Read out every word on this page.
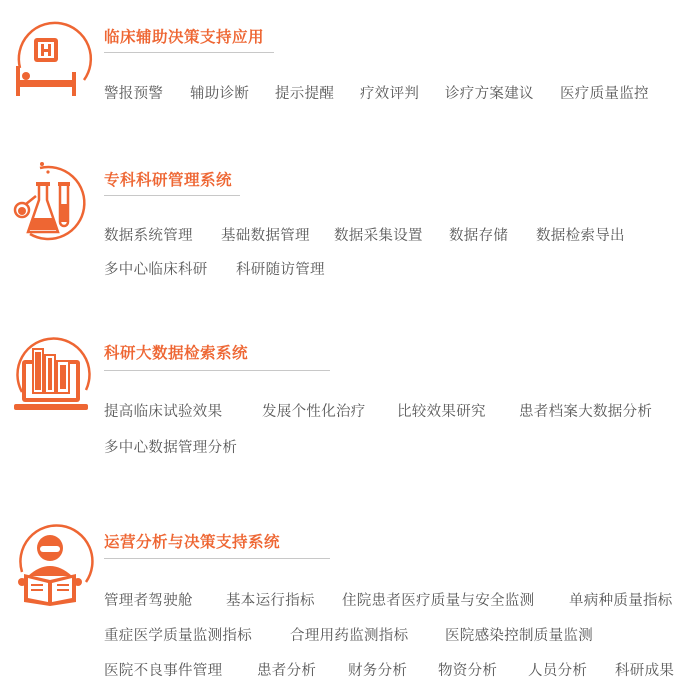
临床辅助决策支持应用
警报预警 辅助诊断 提示提醒 疗效评判 诊疗方案建议 医疗质量监控
专科科研管理系统
数据系统管理 基础数据管理 数据采集设置 数据存储 数据检索导出
多中心临床科研 科研随访管理
科研大数据检索系统
提高临床试验效果	发展个性化治疗 比较效果研究 患者档案大数据分析
多中心数据管理分析
运营分析与决策支持系统
管理者驾驶舱 基本运行指标 住院患者医疗质量与安全监测 单病种质量指标
重症医学质量监测指标	合理用药监测指标	医院感染控制质量监测
医院不良事件管理 患者分析 财务分析 物资分析 人员分析 科研成果
